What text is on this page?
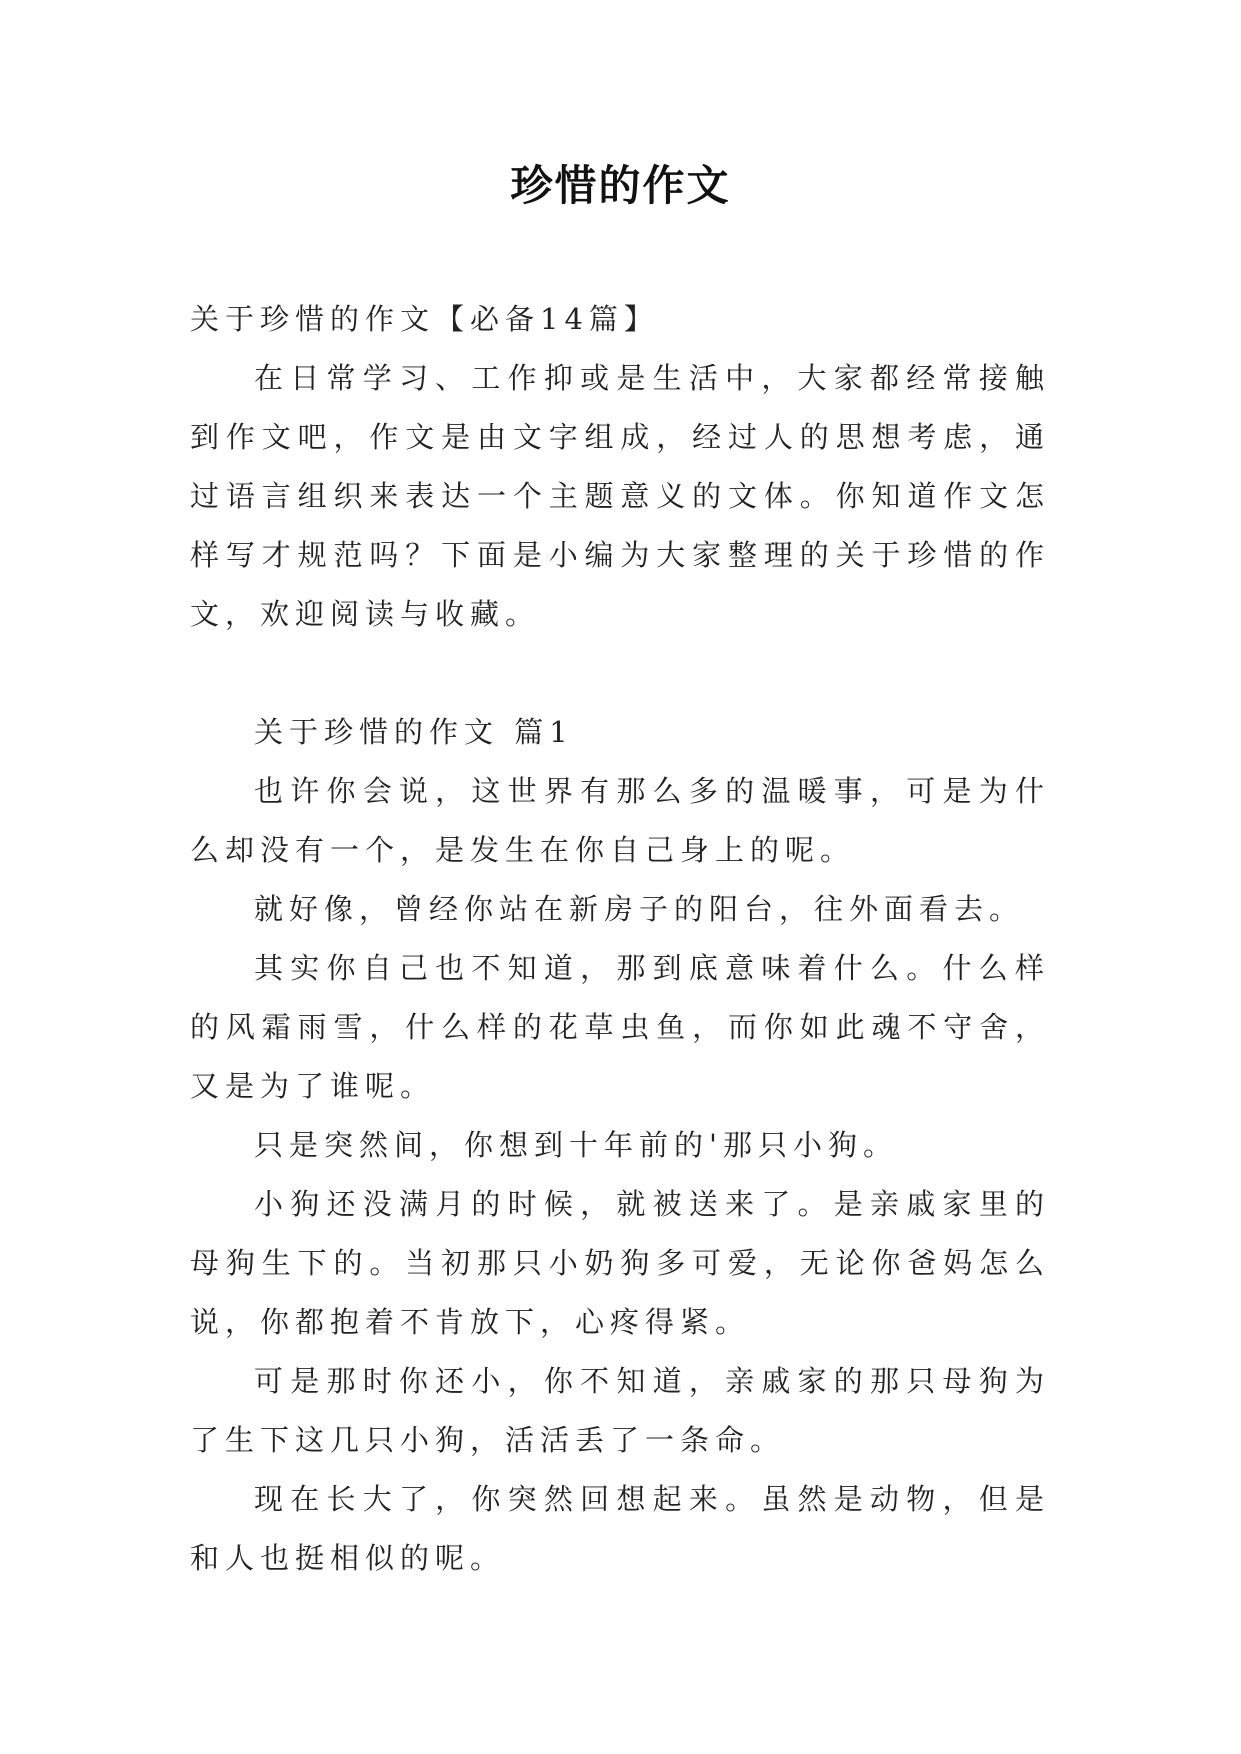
珍惜的作文

关于珍惜的作文【必备14篇】

在日常学习、工作抑或是生活中，大家都经常接触到作文吧，作文是由文字组成，经过人的思想考虑，通过语言组织来表达一个主题意义的文体。你知道作文怎样写才规范吗？下面是小编为大家整理的关于珍惜的作文，欢迎阅读与收藏。

关于珍惜的作文 篇1

也许你会说，这世界有那么多的温暖事，可是为什么却没有一个，是发生在你自己身上的呢。

就好像，曾经你站在新房子的阳台，往外面看去。

其实你自己也不知道，那到底意味着什么。什么样的风霜雨雪，什么样的花草虫鱼，而你如此魂不守舍，又是为了谁呢。

只是突然间，你想到十年前的'那只小狗。

小狗还没满月的时候，就被送来了。是亲戚家里的母狗生下的。当初那只小奶狗多可爱，无论你爸妈怎么说，你都抱着不肯放下，心疼得紧。

可是那时你还小，你不知道，亲戚家的那只母狗为了生下这几只小狗，活活丢了一条命。

现在长大了，你突然回想起来。虽然是动物，但是和人也挺相似的呢。
